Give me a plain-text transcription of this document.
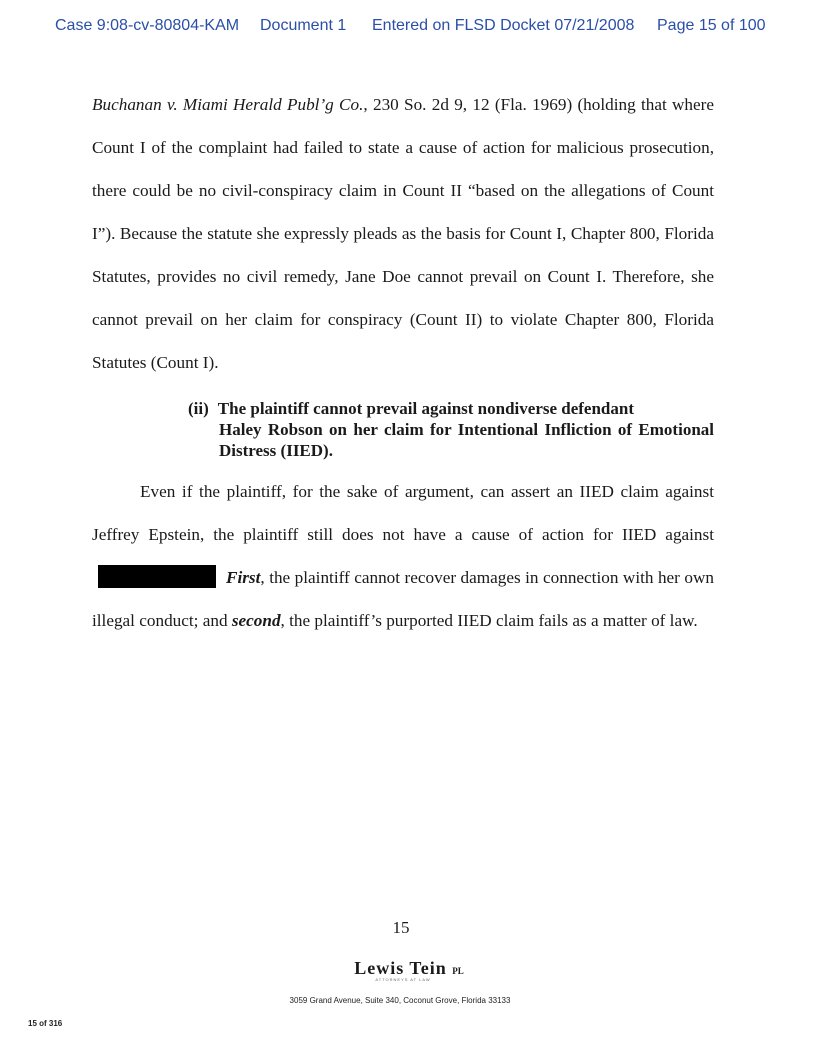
Case 9:08-cv-80804-KAM Document 1 Entered on FLSD Docket 07/21/2008 Page 15 of 100

Buchanan v. Miami Herald Publ’g Co., 230 So. 2d 9, 12 (Fla. 1969) (holding that where Count I of the complaint had failed to state a cause of action for malicious prosecution, there could be no civil-conspiracy claim in Count II “based on the allegations of Count I”). Because the statute she expressly pleads as the basis for Count I, Chapter 800, Florida Statutes, provides no civil remedy, Jane Doe cannot prevail on Count I. Therefore, she cannot prevail on her claim for conspiracy (Count II) to violate Chapter 800, Florida Statutes (Count I).

(ii) The plaintiff cannot prevail against nondiverse defendant
Haley Robson on her claim for Intentional Infliction of Emotional Distress (IIED).

Even if the plaintiff, for the sake of argument, can assert an IIED claim against Jeffrey Epstein, the plaintiff still does not have a cause of action for IIED againstFirst, the plaintiff cannot recover damages in connection with her own illegal conduct; and second, the plaintiff’s purported IIED claim fails as a matter of law.

15
Lewis Tein PL
ATTORNEYS AT LAW
3059 Grand Avenue, Suite 340, Coconut Grove, Florida 33133
15 of 316
